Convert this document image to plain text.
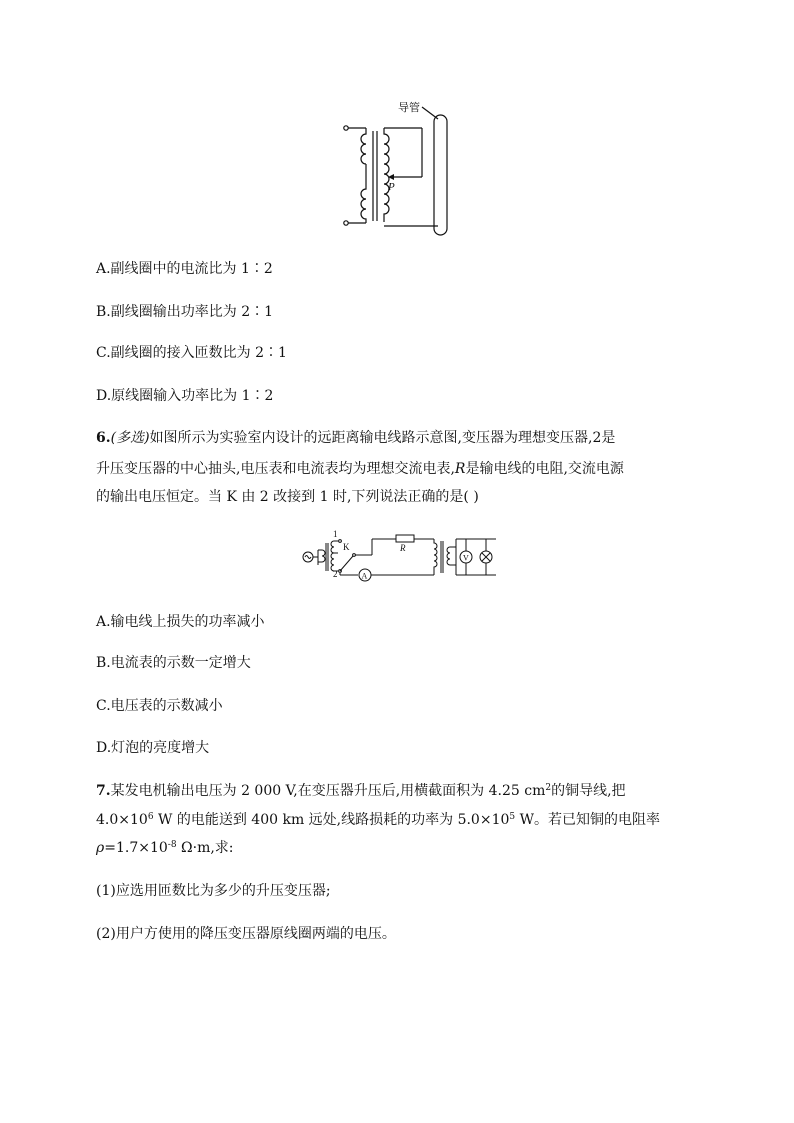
导管
P
A.副线圈中的电流比为 1∶2
B.副线圈输出功率比为 2∶1
C.副线圈的接入匝数比为 2∶1
D.原线圈输入功率比为 1∶2
6.(多选)如图所示为实验室内设计的远距离输电线路示意图,变压器为理想变压器,2是
升压变压器的中心抽头,电压表和电流表均为理想交流电表,R是输电线的电阻,交流电源
的输出电压恒定。当 K 由 2 改接到 1 时,下列说法正确的是( )
1
K
2
R
A
V
A.输电线上损失的功率减小
B.电流表的示数一定增大
C.电压表的示数减小
D.灯泡的亮度增大
7.某发电机输出电压为 2 000 V,在变压器升压后,用横截面积为 4.25 $cm^2$的铜导线,把
$4.0\times 10^6$ W 的电能送到 400 km 远处,线路损耗的功率为 $5.0\times 10^5$ W。若已知铜的电阻率
$\rho=1.7\times 10^{-8}$ Ω·m,求:
(1)应选用匝数比为多少的升压变压器;
(2)用户方使用的降压变压器原线圈两端的电压。
